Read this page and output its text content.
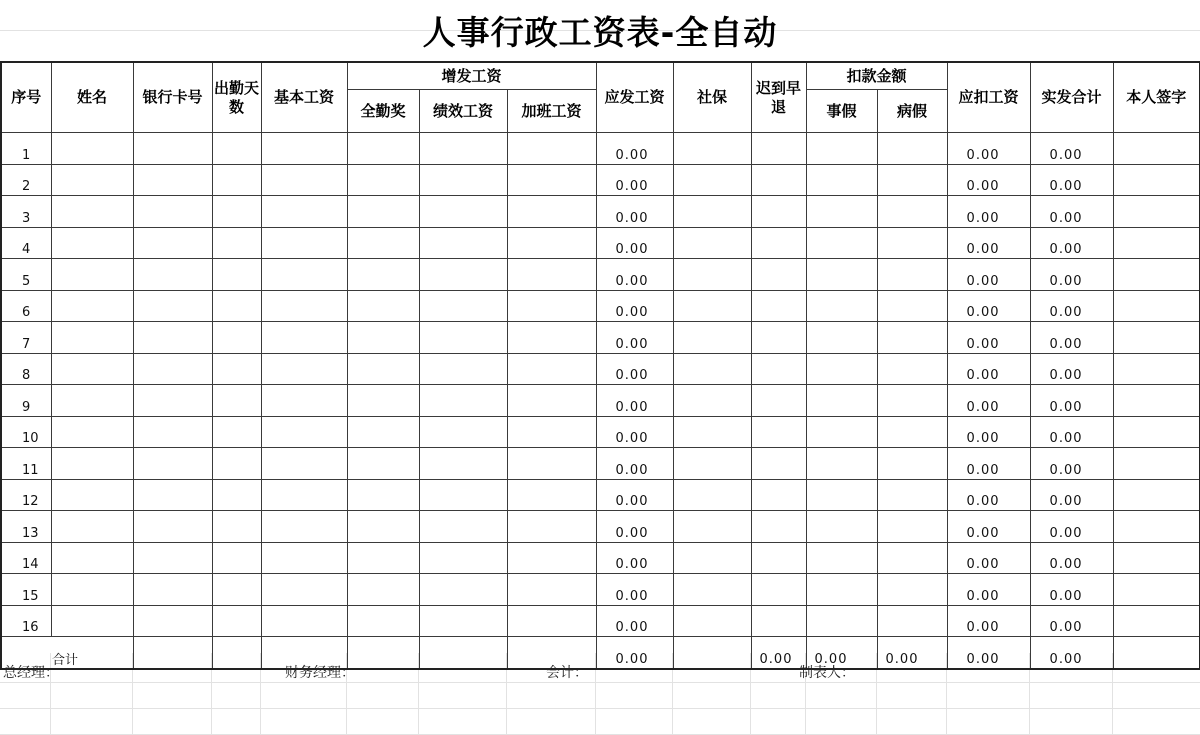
人事行政工资表-全自动
序号	姓名	银行卡号	出勤天数	基本工资	增发工资			应发工资	社保	迟到早退	扣款金额		应扣工资	实发合计	本人签字
					全勤奖	绩效工资	加班工资				事假	病假			
1								0.00					0.00	0.00	
2								0.00					0.00	0.00	
3								0.00					0.00	0.00	
4								0.00					0.00	0.00	
5								0.00					0.00	0.00	
6								0.00					0.00	0.00	
7								0.00					0.00	0.00	
8								0.00					0.00	0.00	
9								0.00					0.00	0.00	
10								0.00					0.00	0.00	
11								0.00					0.00	0.00	
12								0.00					0.00	0.00	
13								0.00					0.00	0.00	
14								0.00					0.00	0.00	
15								0.00					0.00	0.00	
16								0.00					0.00	0.00	
合计								0.00		0.00	0.00	0.00	0.00	0.00	
总经理：	财务经理：	会计：	制表人：
